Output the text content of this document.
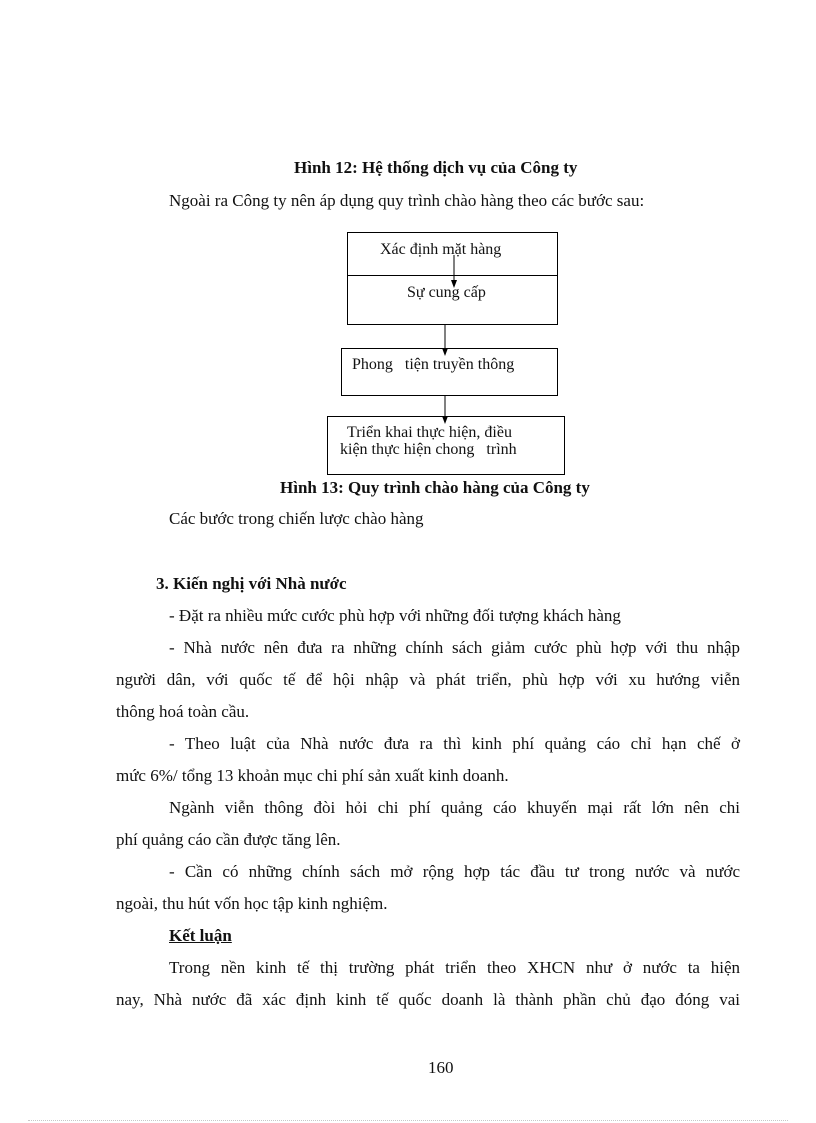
Hình 12: Hệ thống dịch vụ của Công ty
Ngoài ra Công ty nên áp dụng quy trình chào hàng theo các bước sau:
Xác định mặt hàng
Sự cung cấp
Phong   tiện truyền thông
Triển khai thực hiện, điều
kiện thực hiện chong   trình
Hình 13: Quy trình chào hàng của Công ty
Các bước trong chiến lược chào hàng
3. Kiến nghị với Nhà nước
- Đặt ra nhiều mức cước phù hợp với những đối tượng khách hàng
- Nhà nước nên đưa ra những chính sách giảm cước phù hợp với thu nhập
người dân, với quốc tế để hội nhập và phát triển, phù hợp với xu hướng viễn
thông hoá toàn cầu.
- Theo luật của Nhà nước đưa ra thì kinh phí quảng cáo chỉ hạn chế ở
mức 6%/ tổng 13 khoản mục chi phí sản xuất kinh doanh.
Ngành viễn thông đòi hỏi chi phí quảng cáo khuyến mại rất lớn nên chi
phí quảng cáo cần được tăng lên.
- Cần có những chính sách mở rộng hợp tác đầu tư trong nước và nước
ngoài, thu hút vốn học tập kinh nghiệm.
Kết luận
Trong nền kinh tế thị trường phát triển theo XHCN như ở nước ta hiện
nay, Nhà nước đã xác định kinh tế quốc doanh là thành phần chủ đạo đóng vai
160
